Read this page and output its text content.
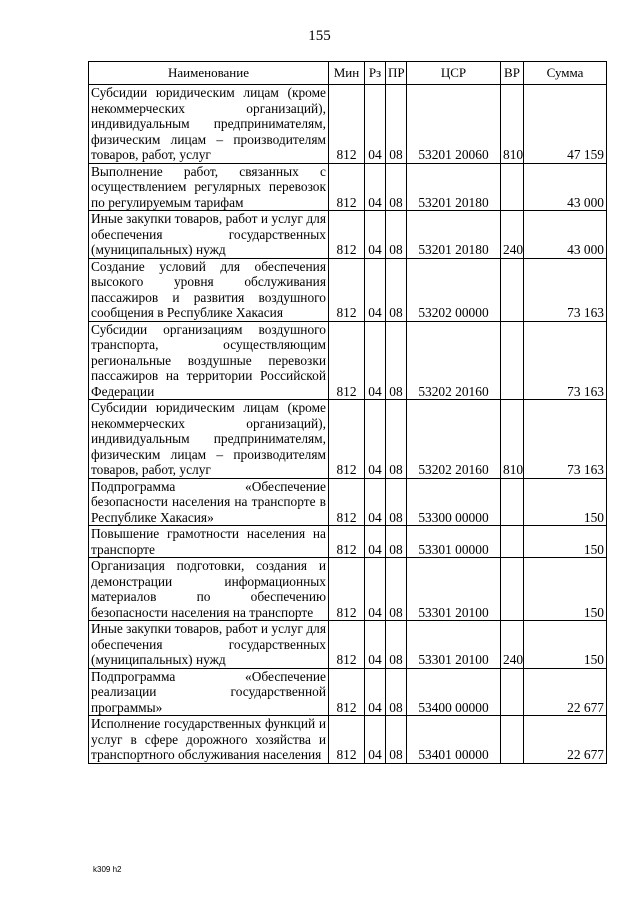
155
Наименование	Мин	Рз	ПР	ЦСР	ВР	Сумма
Субсидии юридическим лицам (кроме некоммерческих организаций), индивидуальным предпринимателям, физическим лицам – производителям товаров, работ, услуг	812	04	08	53201 20060	810	47 159
Выполнение работ, связанных с осуществлением регулярных перевозок по регулируемым тарифам	812	04	08	53201 20180		43 000
Иные закупки товаров, работ и услуг для обеспечения государственных (муниципальных) нужд	812	04	08	53201 20180	240	43 000
Создание условий для обеспечения высокого уровня обслуживания пассажиров и развития воздушного сообщения в Республике Хакасия	812	04	08	53202 00000		73 163
Субсидии организациям воздушного транспорта, осуществляющим региональные воздушные перевозки пассажиров на территории Российской Федерации	812	04	08	53202 20160		73 163
Субсидии юридическим лицам (кроме некоммерческих организаций), индивидуальным предпринимателям, физическим лицам – производителям товаров, работ, услуг	812	04	08	53202 20160	810	73 163
Подпрограмма «Обеспечение безопасности населения на транспорте в Республике Хакасия»	812	04	08	53300 00000		150
Повышение грамотности населения на транспорте	812	04	08	53301 00000		150
Организация подготовки, создания и демонстрации информационных материалов по обеспечению безопасности населения на транспорте	812	04	08	53301 20100		150
Иные закупки товаров, работ и услуг для обеспечения государственных (муниципальных) нужд	812	04	08	53301 20100	240	150
Подпрограмма «Обеспечение реализации государственной программы»	812	04	08	53400 00000		22 677
Исполнение государственных функций и услуг в сфере дорожного хозяйства и транспортного обслуживания населения	812	04	08	53401 00000		22 677
k309 h2
